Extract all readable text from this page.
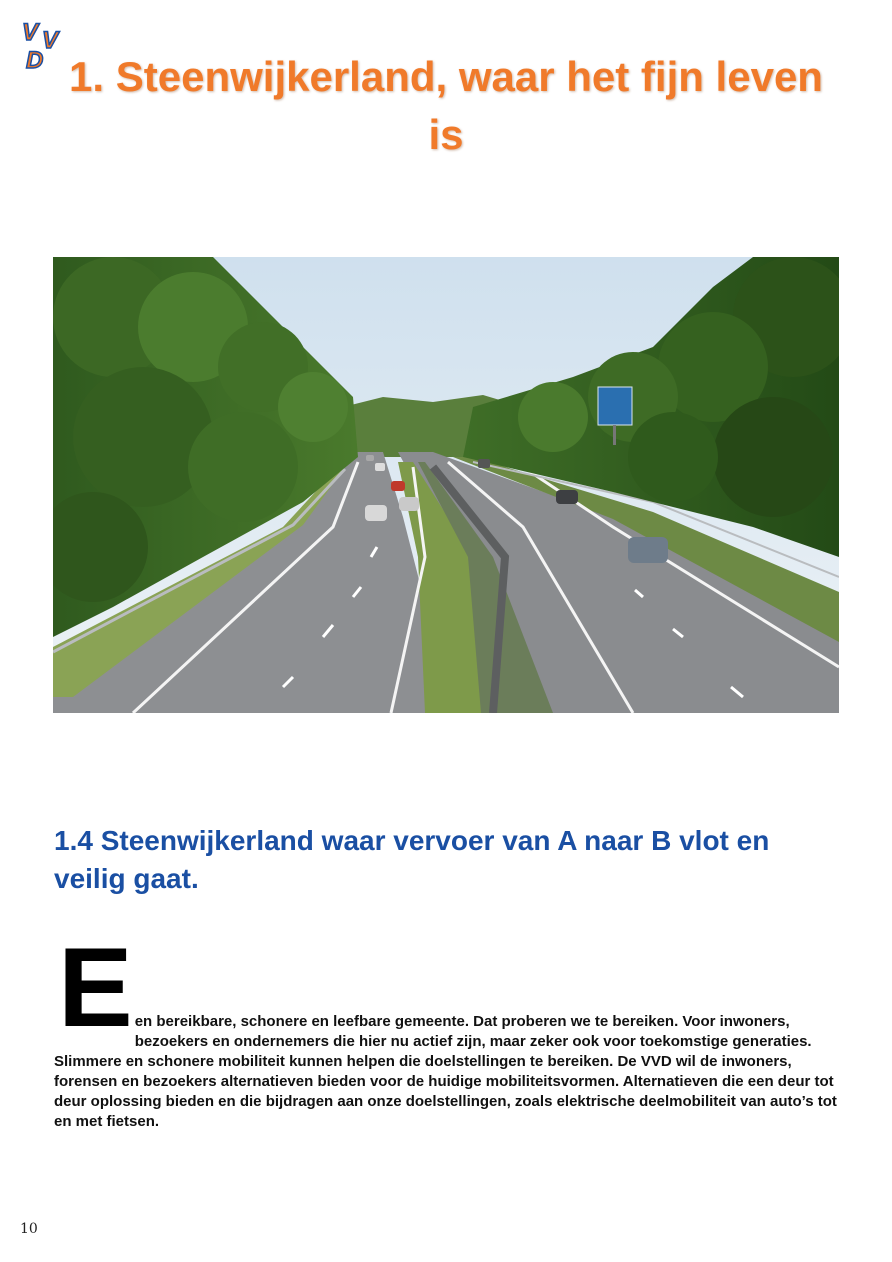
V V
D 1. Steenwijkerland, waar het fijn leven is
1.4 Steenwijkerland waar vervoer van A naar B vlot en veilig gaat.
E en bereikbare, schonere en leefbare gemeente. Dat proberen we te bereiken. Voor inwoners, bezoekers en ondernemers die hier nu actief zijn, maar zeker ook voor toekomstige generaties. Slimmere en schonere mobiliteit kunnen helpen die doelstellingen te bereiken. De VVD wil de inwoners, forensen en bezoekers alternatieven bieden voor de huidige mobiliteitsvormen. Alternatieven die een deur tot deur oplossing bieden en die bijdragen aan onze doelstellingen, zoals elektrische deelmobiliteit van auto’s tot en met fietsen.
10
